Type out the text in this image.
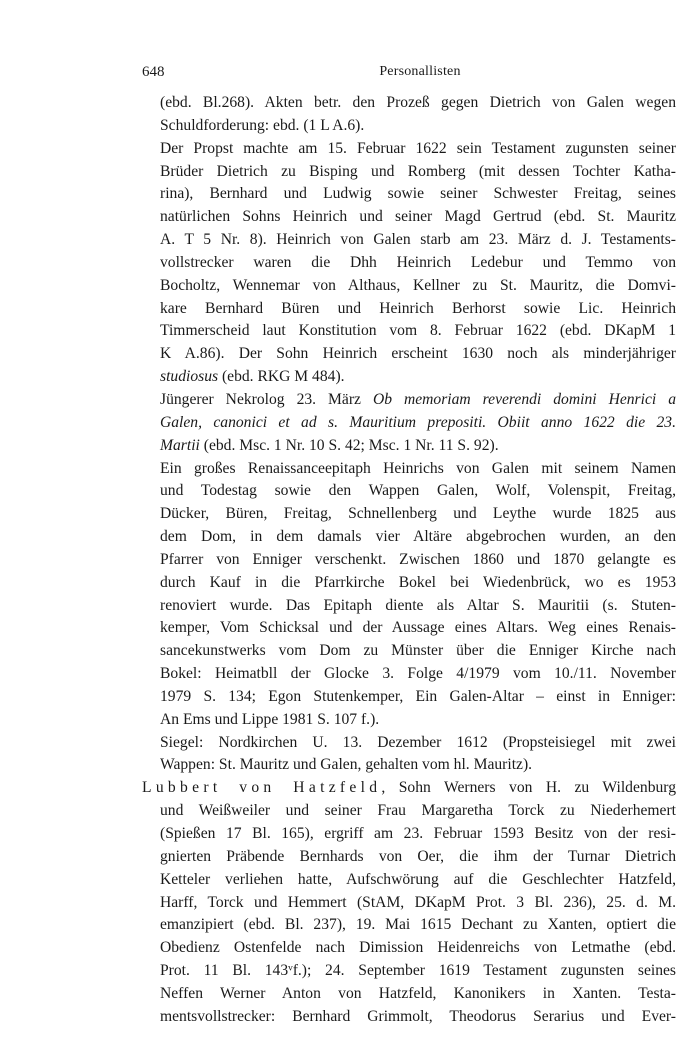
648	Personallisten
(ebd. Bl.268). Akten betr. den Prozeß gegen Dietrich von Galen wegen
Schuldforderung: ebd. (1 L A.6).
Der Propst machte am 15. Februar 1622 sein Testament zugunsten seiner
Brüder Dietrich zu Bisping und Romberg (mit dessen Tochter Katha-
rina), Bernhard und Ludwig sowie seiner Schwester Freitag, seines
natürlichen Sohns Heinrich und seiner Magd Gertrud (ebd. St. Mauritz
A. T 5 Nr. 8). Heinrich von Galen starb am 23. März d. J. Testaments-
vollstrecker waren die Dhh Heinrich Ledebur und Temmo von
Bocholtz, Wennemar von Althaus, Kellner zu St. Mauritz, die Domvi-
kare Bernhard Büren und Heinrich Berhorst sowie Lic. Heinrich
Timmerscheid laut Konstitution vom 8. Februar 1622 (ebd. DKapM 1
K A.86). Der Sohn Heinrich erscheint 1630 noch als minderjähriger
studiosus (ebd. RKG M 484).
Jüngerer Nekrolog 23. März Ob memoriam reverendi domini Henrici a
Galen, canonici et ad s. Mauritium prepositi. Obiit anno 1622 die 23.
Martii (ebd. Msc. 1 Nr. 10 S. 42; Msc. 1 Nr. 11 S. 92).
Ein großes Renaissanceepitaph Heinrichs von Galen mit seinem Namen
und Todestag sowie den Wappen Galen, Wolf, Volenspit, Freitag,
Dücker, Büren, Freitag, Schnellenberg und Leythe wurde 1825 aus
dem Dom, in dem damals vier Altäre abgebrochen wurden, an den
Pfarrer von Enniger verschenkt. Zwischen 1860 und 1870 gelangte es
durch Kauf in die Pfarrkirche Bokel bei Wiedenbrück, wo es 1953
renoviert wurde. Das Epitaph diente als Altar S. Mauritii (s. Stuten-
kemper, Vom Schicksal und der Aussage eines Altars. Weg eines Renais-
sancekunstwerks vom Dom zu Münster über die Enniger Kirche nach
Bokel: Heimatbll der Glocke 3. Folge 4/1979 vom 10./11. November
1979 S. 134; Egon Stutenkemper, Ein Galen-Altar – einst in Enniger:
An Ems und Lippe 1981 S. 107 f.).
Siegel: Nordkirchen U. 13. Dezember 1612 (Propsteisiegel mit zwei
Wappen: St. Mauritz und Galen, gehalten vom hl. Mauritz).
Lubbert von Hatzfeld, Sohn Werners von H. zu Wildenburg
und Weißweiler und seiner Frau Margaretha Torck zu Niederhemert
(Spießen 17 Bl. 165), ergriff am 23. Februar 1593 Besitz von der resi-
gnierten Präbende Bernhards von Oer, die ihm der Turnar Dietrich
Ketteler verliehen hatte, Aufschwörung auf die Geschlechter Hatzfeld,
Harff, Torck und Hemmert (StAM, DKapM Prot. 3 Bl. 236), 25. d. M.
emanzipiert (ebd. Bl. 237), 19. Mai 1615 Dechant zu Xanten, optiert die
Obedienz Ostenfelde nach Dimission Heidenreichs von Letmathe (ebd.
Prot. 11 Bl. 143ᵛf.); 24. September 1619 Testament zugunsten seines
Neffen Werner Anton von Hatzfeld, Kanonikers in Xanten. Testa-
mentsvollstrecker: Bernhard Grimmolt, Theodorus Serarius und Ever-
